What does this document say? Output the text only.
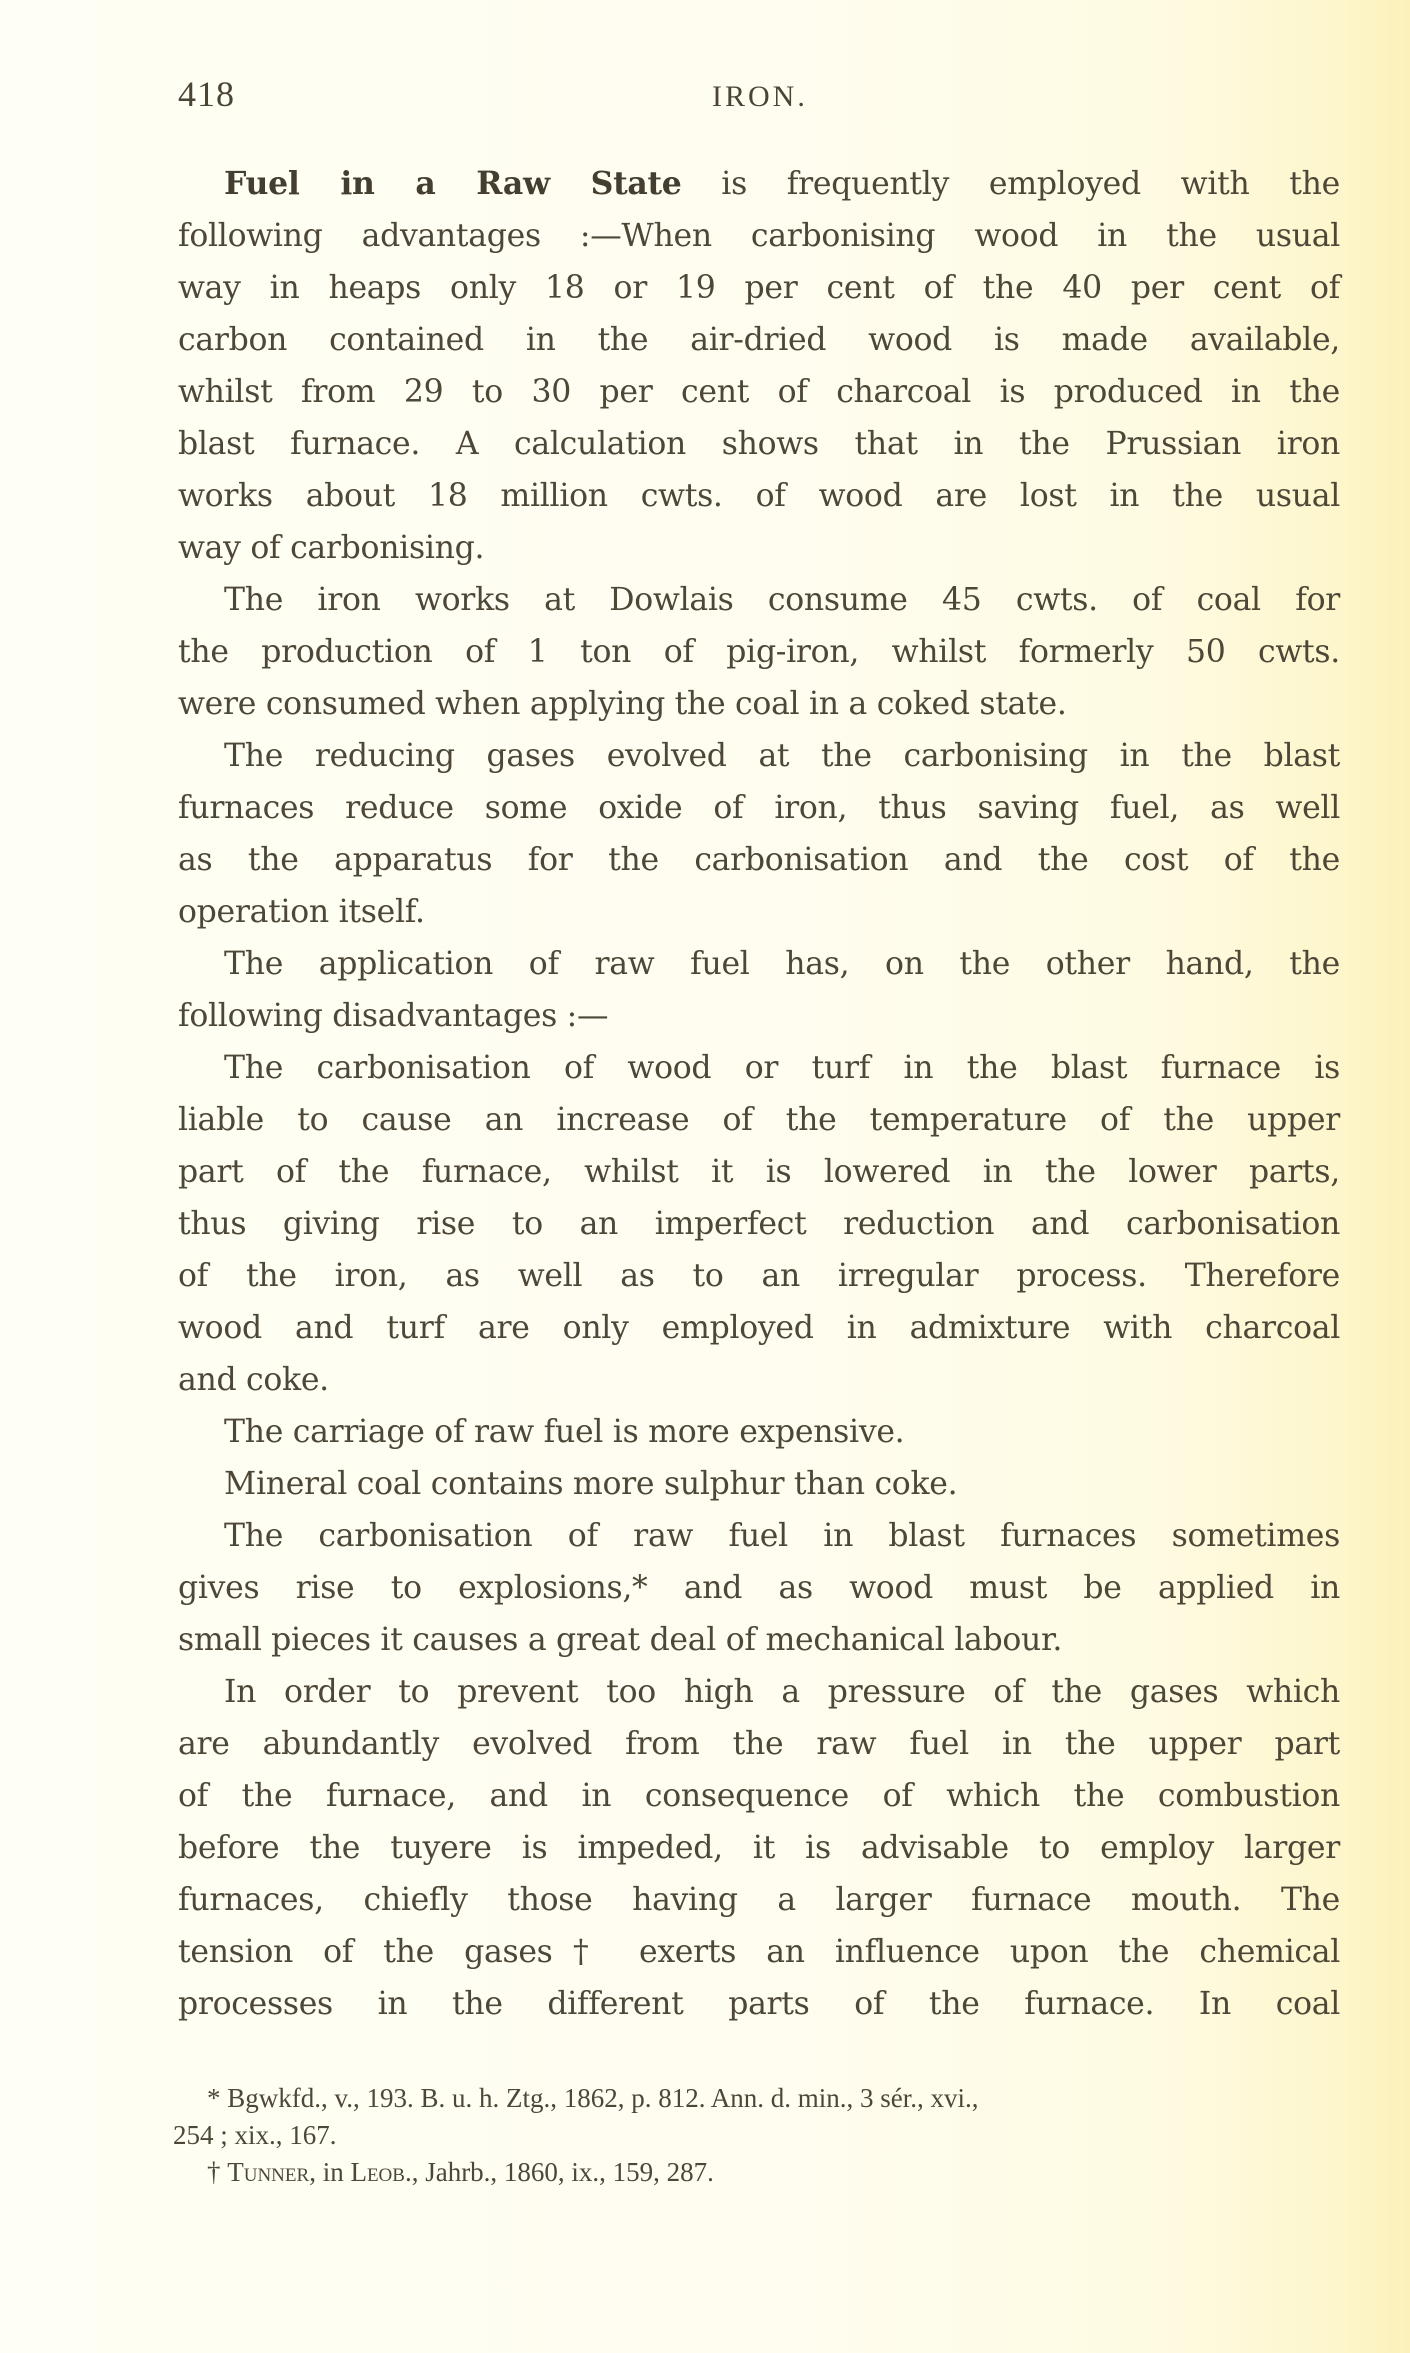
418	IRON.
Fuel in a Raw State is frequently employed with the
following advantages :—When carbonising wood in the usual
way in heaps only 18 or 19 per cent of the 40 per cent of
carbon contained in the air-dried wood is made available,
whilst from 29 to 30 per cent of charcoal is produced in the
blast furnace. A calculation shows that in the Prussian iron
works about 18 million cwts. of wood are lost in the usual
way of carbonising.
The iron works at Dowlais consume 45 cwts. of coal for
the production of 1 ton of pig-iron, whilst formerly 50 cwts.
were consumed when applying the coal in a coked state.
The reducing gases evolved at the carbonising in the blast
furnaces reduce some oxide of iron, thus saving fuel, as well
as the apparatus for the carbonisation and the cost of the
operation itself.
The application of raw fuel has, on the other hand, the
following disadvantages :—
The carbonisation of wood or turf in the blast furnace is
liable to cause an increase of the temperature of the upper
part of the furnace, whilst it is lowered in the lower parts,
thus giving rise to an imperfect reduction and carbonisation
of the iron, as well as to an irregular process. Therefore
wood and turf are only employed in admixture with charcoal
and coke.
The carriage of raw fuel is more expensive.
Mineral coal contains more sulphur than coke.
The carbonisation of raw fuel in blast furnaces sometimes
gives rise to explosions,* and as wood must be applied in
small pieces it causes a great deal of mechanical labour.
In order to prevent too high a pressure of the gases which
are abundantly evolved from the raw fuel in the upper part
of the furnace, and in consequence of which the combustion
before the tuyere is impeded, it is advisable to employ larger
furnaces, chiefly those having a larger furnace mouth. The
tension of the gases† exerts an influence upon the chemical
processes in the different parts of the furnace. In coal
* Bgwkfd., v., 193. B. u. h. Ztg., 1862, p. 812. Ann. d. min., 3 sér., xvi.,
254 ; xix., 167.
† Tunner, in Leob., Jahrb., 1860, ix., 159, 287.
